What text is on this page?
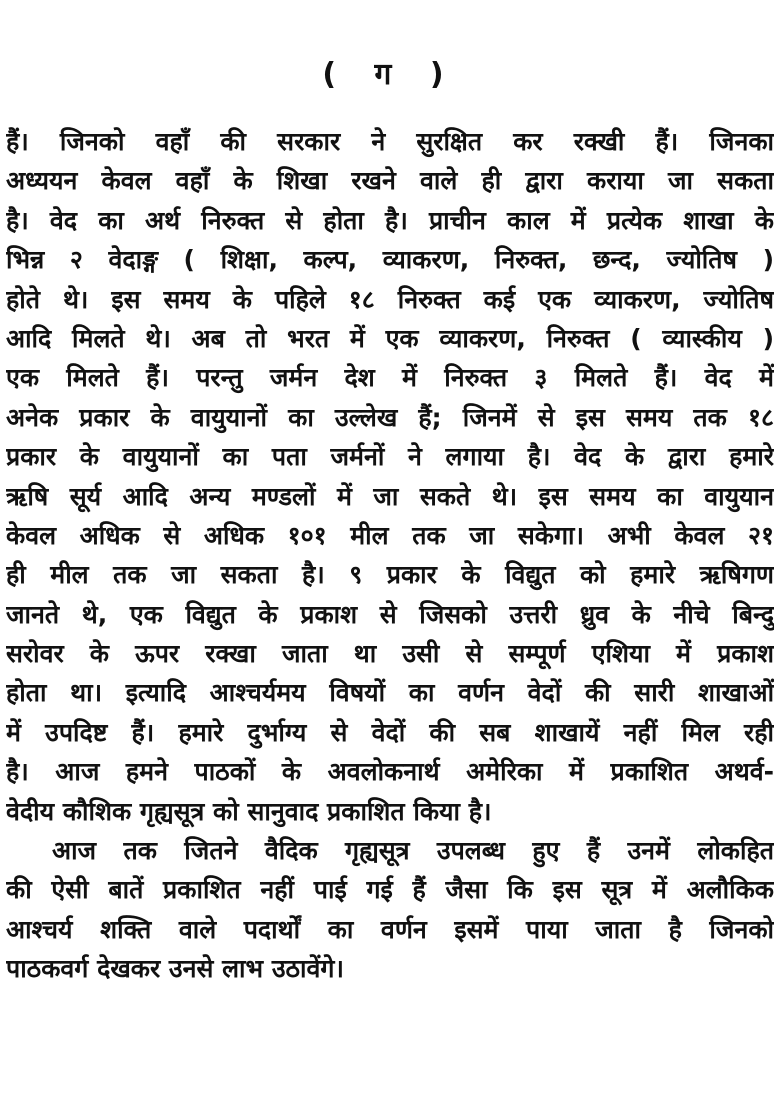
( ग )
हैं। जिनको वहाँ की सरकार ने सुरक्षित कर रक्खी हैं। जिनका
अध्ययन केवल वहाँ के शिखा रखने वाले ही द्वारा कराया जा सकता
है। वेद का अर्थ निरुक्त से होता है। प्राचीन काल में प्रत्येक शाखा के
भिन्न २ वेदाङ्ग ( शिक्षा, कल्प, व्याकरण, निरुक्त, छन्द, ज्योतिष )
होते थे। इस समय के पहिले १८ निरुक्त कई एक व्याकरण, ज्योतिष
आदि मिलते थे। अब तो भरत में एक व्याकरण, निरुक्त ( व्यास्कीय )
एक मिलते हैं। परन्तु जर्मन देश में निरुक्त ३ मिलते हैं। वेद में
अनेक प्रकार के वायुयानों का उल्लेख हैं; जिनमें से इस समय तक १८
प्रकार के वायुयानों का पता जर्मनों ने लगाया है। वेद के द्वारा हमारे
ऋषि सूर्य आदि अन्य मण्डलों में जा सकते थे। इस समय का वायुयान
केवल अधिक से अधिक १०१ मील तक जा सकेगा। अभी केवल २१
ही मील तक जा सकता है। ९ प्रकार के विद्युत को हमारे ऋषिगण
जानते थे, एक विद्युत के प्रकाश से जिसको उत्तरी ध्रुव के नीचे बिन्दु
सरोवर के ऊपर रक्खा जाता था उसी से सम्पूर्ण एशिया में प्रकाश
होता था। इत्यादि आश्चर्यमय विषयों का वर्णन वेदों की सारी शाखाओं
में उपदिष्ट हैं। हमारे दुर्भाग्य से वेदों की सब शाखायें नहीं मिल रही
है। आज हमने पाठकों के अवलोकनार्थ अमेरिका में प्रकाशित अथर्व-
वेदीय कौशिक गृह्यसूत्र को सानुवाद प्रकाशित किया है।
आज तक जितने वैदिक गृह्यसूत्र उपलब्ध हुए हैं उनमें लोकहित
की ऐसी बातें प्रकाशित नहीं पाई गई हैं जैसा कि इस सूत्र में अलौकिक
आश्चर्य शक्ति वाले पदार्थों का वर्णन इसमें पाया जाता है जिनको
पाठकवर्ग देखकर उनसे लाभ उठावेंगे।
